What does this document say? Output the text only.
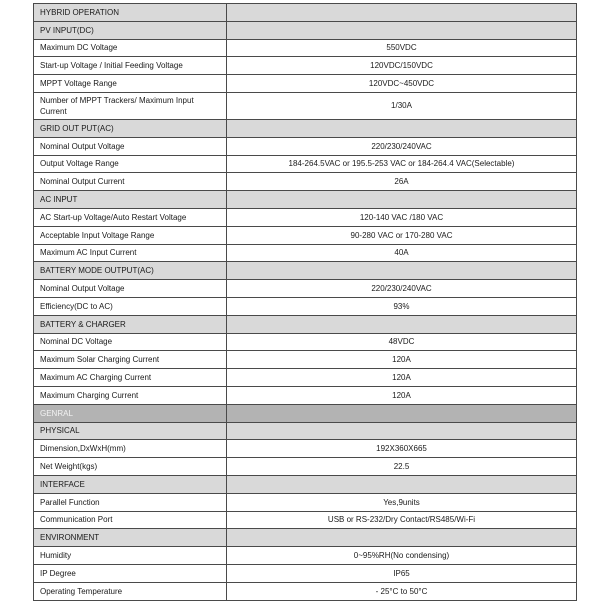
HYBRID OPERATION	
PV INPUT(DC)	
Maximum DC Voltage	550VDC
Start-up Voltage / Initial Feeding Voltage	120VDC/150VDC
MPPT Voltage Range	120VDC~450VDC
Number of MPPT Trackers/ Maximum Input Current	1/30A
GRID OUT PUT(AC)	
Nominal Output Voltage	220/230/240VAC
Output Voltage Range	184-264.5VAC or 195.5-253 VAC or 184-264.4 VAC(Selectable)
Nominal Output Current	26A
AC INPUT	
AC Start-up Voltage/Auto Restart Voltage	120-140 VAC /180 VAC
Acceptable Input Voltage Range	90-280 VAC or 170-280 VAC
Maximum AC Input Current	40A
BATTERY MODE OUTPUT(AC)	
Nominal Output Voltage	220/230/240VAC
Efficiency(DC to AC)	93%
BATTERY & CHARGER	
Nominal DC Voltage	48VDC
Maximum Solar Charging Current	120A
Maximum AC Charging Current	120A
Maximum Charging Current	120A
GENRAL	
PHYSICAL	
Dimension,DxWxH(mm)	192X360X665
Net Weight(kgs)	22.5
INTERFACE	
Parallel Function	Yes,9units
Communication Port	USB or RS-232/Dry Contact/RS485/Wi-Fi
ENVIRONMENT	
Humidity	0~95%RH(No condensing)
IP Degree	IP65
Operating Temperature	- 25°C to 50°C
